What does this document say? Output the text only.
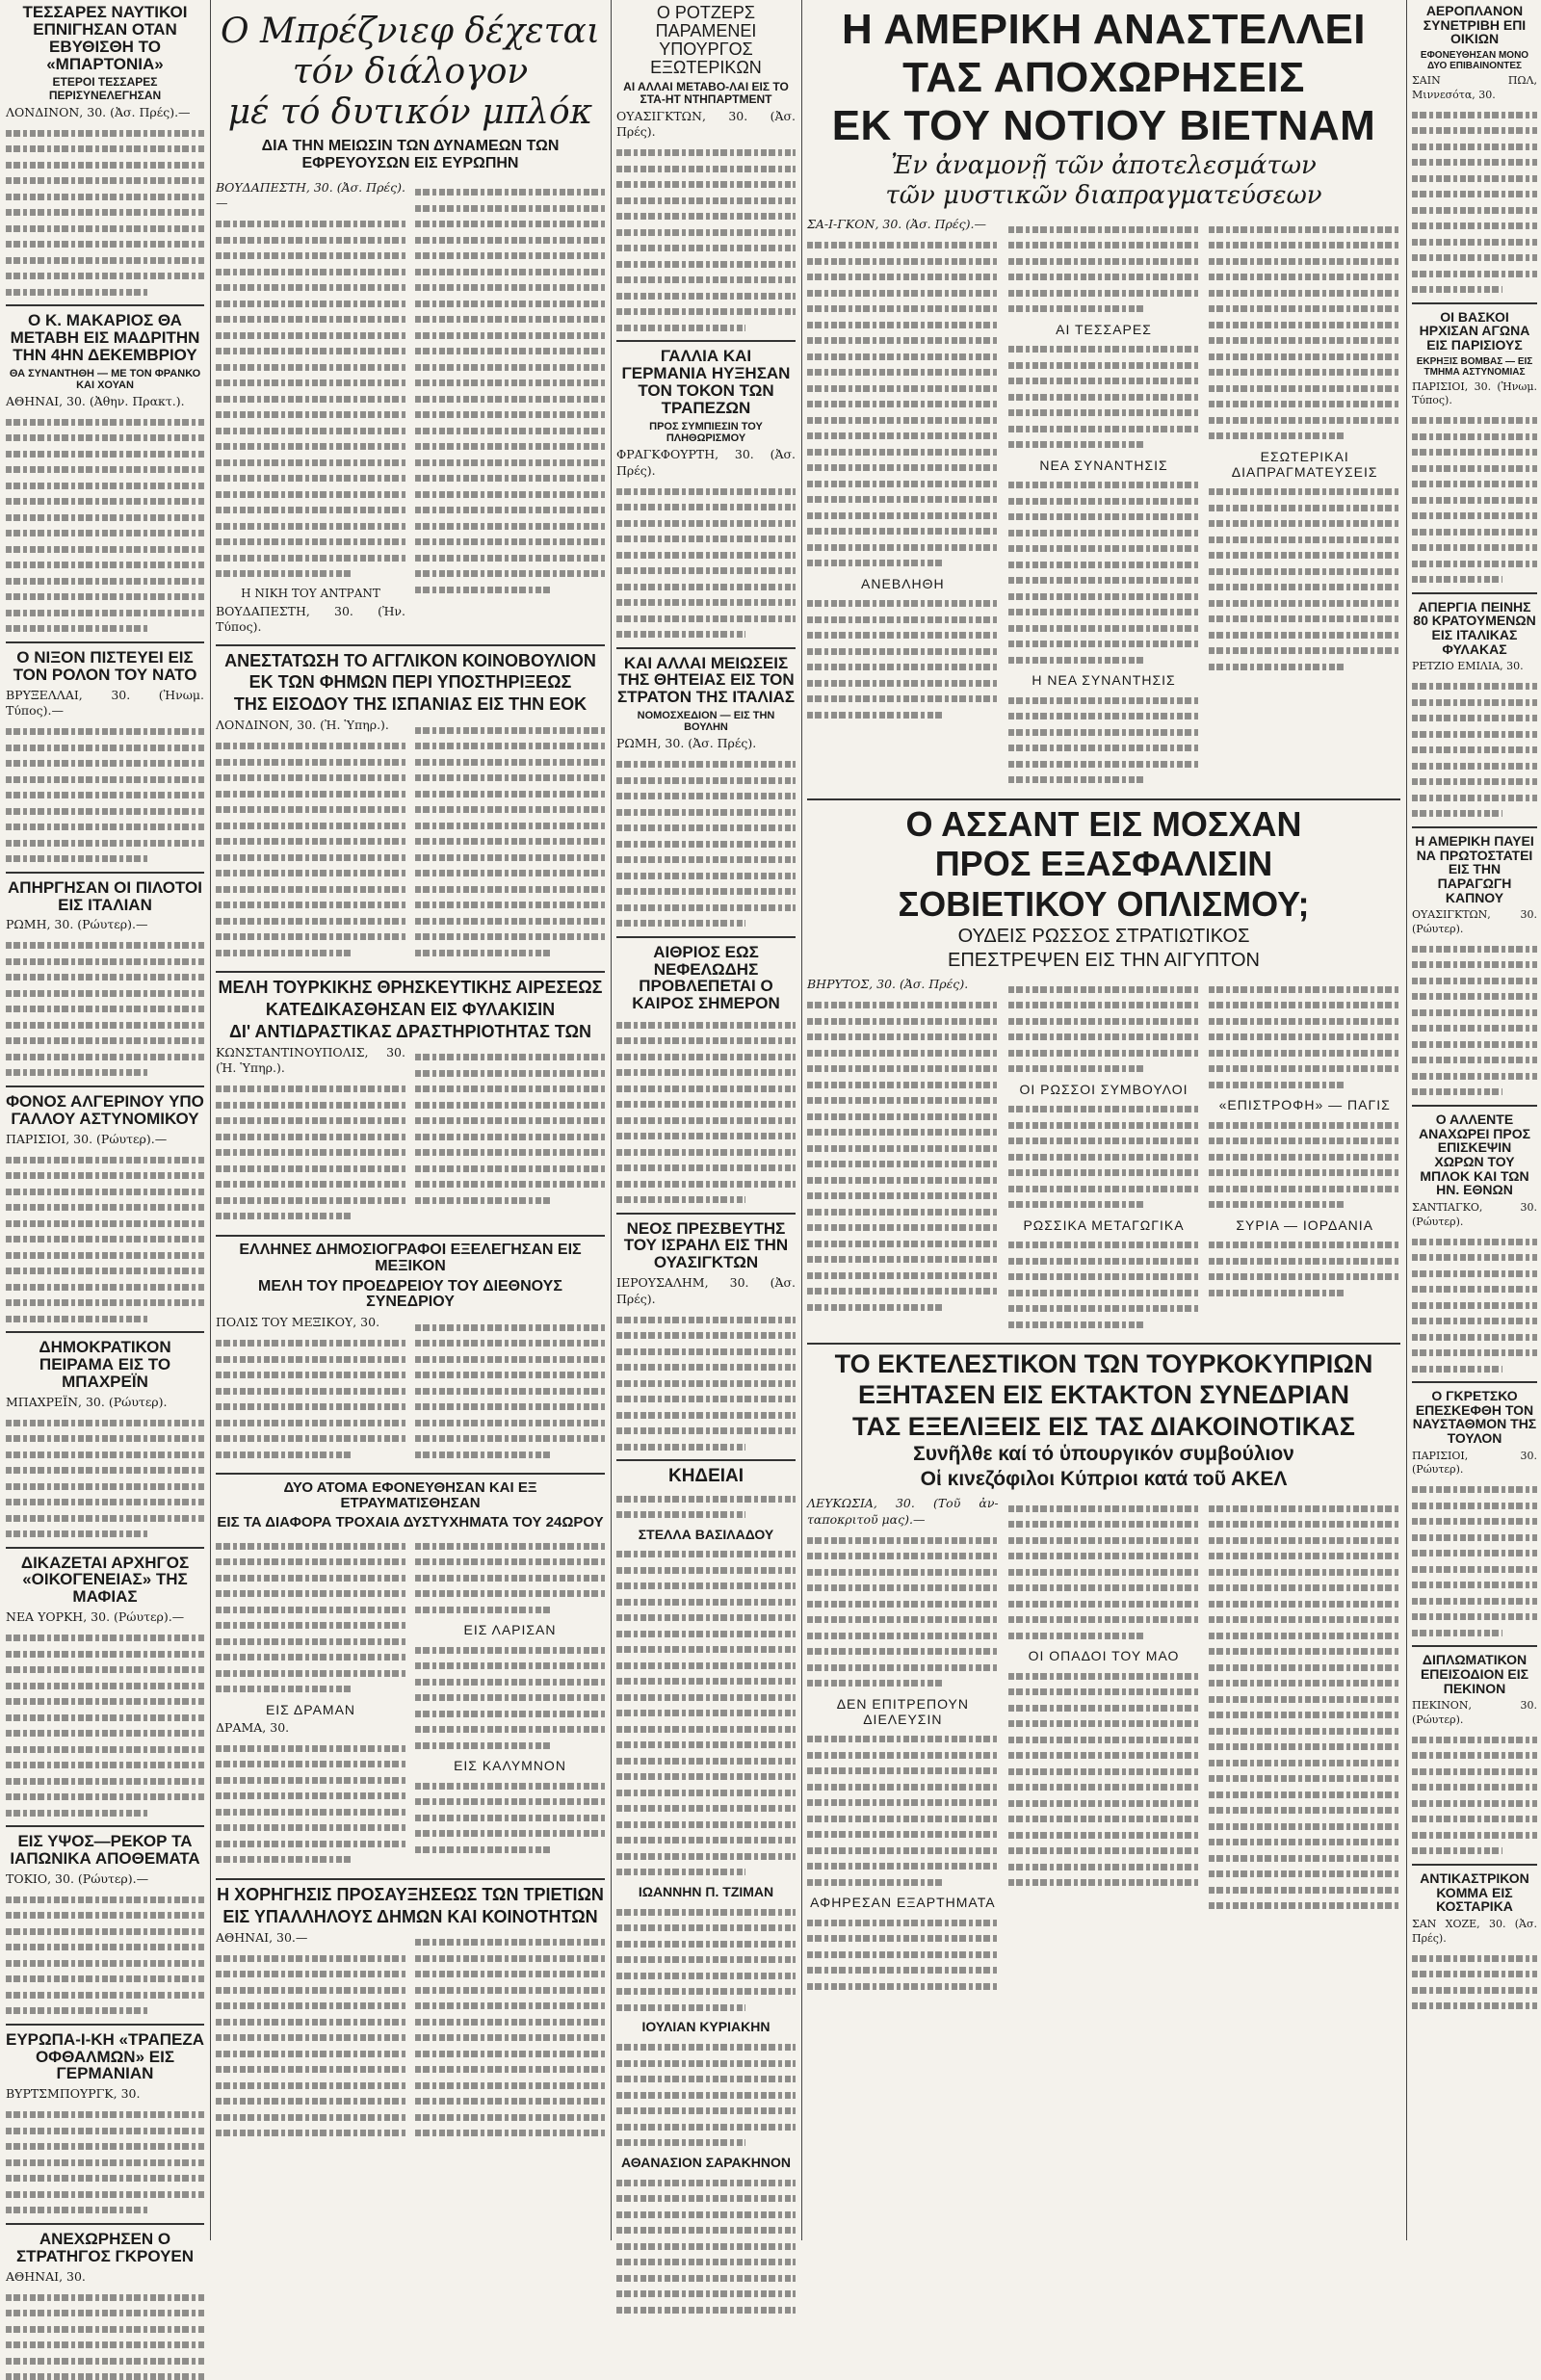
ΤΕΣΣΑΡΕΣ ΝΑΥΤΙΚΟΙ ΕΠΝΙΓΗΣΑΝ ΟΤΑΝ ΕΒΥΘΙΣΘΗ ΤΟ «ΜΠΑΡΤΟΝΙΑ»
ΕΤΕΡΟΙ ΤΕΣΣΑΡΕΣ ΠΕΡΙΣΥΝΕΛΕΓΗΣΑΝ

ΛΟΝΔΙΝΟΝ, 30. (Ἀσ. Πρές).—

Ο Κ. ΜΑΚΑΡΙΟΣ ΘΑ ΜΕΤΑΒΗ ΕΙΣ ΜΑΔΡΙΤΗΝ ΤΗΝ 4ΗΝ ΔΕΚΕΜΒΡΙΟΥ
ΘΑ ΣΥΝΑΝΤΗΘΗ — ΜΕ ΤΟΝ ΦΡΑΝΚΟ ΚΑΙ ΧΟΥΑΝ

ΑΘΗΝΑΙ, 30. (Ἀθην. Πρακτ.).

Ο ΝΙΞΟΝ ΠΙΣΤΕΥΕΙ ΕΙΣ ΤΟΝ ΡΟΛΟΝ ΤΟΥ ΝΑΤΟ

ΒΡΥΞΕΛΛΑΙ, 30. (Ἠνωμ. Τύπος).—

ΑΠΗΡΓΗΣΑΝ ΟΙ ΠΙΛΟΤΟΙ ΕΙΣ ΙΤΑΛΙΑΝ

ΡΩΜΗ, 30. (Ρώυτερ).—

ΦΟΝΟΣ ΑΛΓΕΡΙΝΟΥ ΥΠΟ ΓΑΛΛΟΥ ΑΣΤΥΝΟΜΙΚΟΥ

ΠΑΡΙΣΙΟΙ, 30. (Ρώυτερ).—

ΔΗΜΟΚΡΑΤΙΚΟΝ ΠΕΙΡΑΜΑ ΕΙΣ ΤΟ ΜΠΑΧΡΕΪΝ

ΜΠΑΧΡΕΪΝ, 30. (Ρώυτερ).

ΔΙΚΑΖΕΤΑΙ ΑΡΧΗΓΟΣ «ΟΙΚΟΓΕΝΕΙΑΣ» ΤΗΣ ΜΑΦΙΑΣ

ΝΕΑ ΥΟΡΚΗ, 30. (Ρώυτερ).—

ΕΙΣ ΥΨΟΣ—ΡΕΚΟΡ ΤΑ ΙΑΠΩΝΙΚΑ ΑΠΟΘΕΜΑΤΑ

ΤΟΚΙΟ, 30. (Ρώυτερ).—

ΕΥΡΩΠΑ-Ι-ΚΗ «ΤΡΑΠΕΖΑ ΟΦΘΑΛΜΩΝ» ΕΙΣ ΓΕΡΜΑΝΙΑΝ

ΒΥΡΤΣΜΠΟΥΡΓΚ, 30.

ΑΝΕΧΩΡΗΣΕΝ Ο ΣΤΡΑΤΗΓΟΣ ΓΚΡΟΥΕΝ

ΑΘΗΝΑΙ, 30.

Ο Μπρέζνιεφ δέχεται
τόν διάλογον
μέ τό δυτικόν μπλόκ
ΔΙΑ ΤΗΝ ΜΕΙΩΣΙΝ ΤΩΝ ΔΥΝΑΜΕΩΝ ΤΩΝ ΕΦΡΕΥΟΥΣΩΝ ΕΙΣ ΕΥΡΩΠΗΝ

ΒΟΥΔΑΠΕΣΤΗ, 30. (Ἀσ. Πρές).—

Η ΝΙΚΗ ΤΟΥ ΑΝΤΡΑΝΤ

ΒΟΥΔΑΠΕΣΤΗ, 30. (Ἠν. Τύπος).

ΑΝΕΣΤΑΤΩΣΗ ΤΟ ΑΓΓΛΙΚΟΝ ΚΟΙΝΟΒΟΥΛΙΟΝ
ΕΚ ΤΩΝ ΦΗΜΩΝ ΠΕΡΙ ΥΠΟΣΤΗΡΙΞΕΩΣ
ΤΗΣ ΕΙΣΟΔΟΥ ΤΗΣ ΙΣΠΑΝΙΑΣ ΕΙΣ ΤΗΝ ΕΟΚ

ΛΟΝΔΙΝΟΝ, 30. (Ἠ. Ὑπηρ.).

ΜΕΛΗ ΤΟΥΡΚΙΚΗΣ ΘΡΗΣΚΕΥΤΙΚΗΣ ΑΙΡΕΣΕΩΣ
ΚΑΤΕΔΙΚΑΣΘΗΣΑΝ ΕΙΣ ΦΥΛΑΚΙΣΙΝ
ΔΙ' ΑΝΤΙΔΡΑΣΤΙΚΑΣ ΔΡΑΣΤΗΡΙΟΤΗΤΑΣ ΤΩΝ

ΚΩΝΣΤΑΝΤΙΝΟΥΠΟΛΙΣ, 30. (Ἠ. Ὑπηρ.).

ΕΛΛΗΝΕΣ ΔΗΜΟΣΙΟΓΡΑΦΟΙ ΕΞΕΛΕΓΗΣΑΝ ΕΙΣ ΜΕΞΙΚΟΝ
ΜΕΛΗ ΤΟΥ ΠΡΟΕΔΡΕΙΟΥ ΤΟΥ ΔΙΕΘΝΟΥΣ ΣΥΝΕΔΡΙΟΥ

ΠΟΛΙΣ ΤΟΥ ΜΕΞΙΚΟΥ, 30.

ΔΥΟ ΑΤΟΜΑ ΕΦΟΝΕΥΘΗΣΑΝ ΚΑΙ ΕΞ ΕΤΡΑΥΜΑΤΙΣΘΗΣΑΝ
ΕΙΣ ΤΑ ΔΙΑΦΟΡΑ ΤΡΟΧΑΙΑ ΔΥΣΤΥΧΗΜΑΤΑ ΤΟΥ 24ΩΡΟΥ
ΕΙΣ ΔΡΑΜΑΝ

ΔΡΑΜΑ, 30.

ΕΙΣ ΛΑΡΙΣΑΝ
ΕΙΣ ΚΑΛΥΜΝΟΝ
Η ΧΟΡΗΓΗΣΙΣ ΠΡΟΣΑΥΞΗΣΕΩΣ ΤΩΝ ΤΡΙΕΤΙΩΝ
ΕΙΣ ΥΠΑΛΛΗΛΟΥΣ ΔΗΜΩΝ ΚΑΙ ΚΟΙΝΟΤΗΤΩΝ

ΑΘΗΝΑΙ, 30.—

Ο ΡΟΤΖΕΡΣ ΠΑΡΑΜΕΝΕΙ ΥΠΟΥΡΓΟΣ ΕΞΩΤΕΡΙΚΩΝ
ΑΙ ΑΛΛΑΙ ΜΕΤΑΒΟ-ΛΑΙ ΕΙΣ ΤΟ ΣΤΑ-ΗΤ ΝΤΗΠΑΡΤΜΕΝΤ

ΟΥΑΣΙΓΚΤΩΝ, 30. (Ἀσ. Πρές).

ΓΑΛΛΙΑ ΚΑΙ ΓΕΡΜΑΝΙΑ ΗΥΞΗΣΑΝ ΤΟΝ ΤΟΚΟΝ ΤΩΝ ΤΡΑΠΕΖΩΝ
ΠΡΟΣ ΣΥΜΠΙΕΣΙΝ ΤΟΥ ΠΛΗΘΩΡΙΣΜΟΥ

ΦΡΑΓΚΦΟΥΡΤΗ, 30. (Ἀσ. Πρές).

ΚΑΙ ΑΛΛΑΙ ΜΕΙΩΣΕΙΣ ΤΗΣ ΘΗΤΕΙΑΣ ΕΙΣ ΤΟΝ ΣΤΡΑΤΟΝ ΤΗΣ ΙΤΑΛΙΑΣ
ΝΟΜΟΣΧΕΔΙΟΝ — ΕΙΣ ΤΗΝ ΒΟΥΛΗΝ

ΡΩΜΗ, 30. (Ἀσ. Πρές).

ΑΙΘΡΙΟΣ ΕΩΣ ΝΕΦΕΛΩΔΗΣ ΠΡΟΒΛΕΠΕΤΑΙ Ο ΚΑΙΡΟΣ ΣΗΜΕΡΟΝ
ΝΕΟΣ ΠΡΕΣΒΕΥΤΗΣ ΤΟΥ ΙΣΡΑΗΛ ΕΙΣ ΤΗΝ ΟΥΑΣΙΓΚΤΩΝ

ΙΕΡΟΥΣΑΛΗΜ, 30. (Ἀσ. Πρές).

ΚΗΔΕΙΑΙ
ΣΤΕΛΛΑ ΒΑΣΙΛΑΔΟΥ
ΙΩΑΝΝΗΝ Π. ΤΖΙΜΑΝ
ΙΟΥΛΙΑΝ ΚΥΡΙΑΚΗΝ
ΑΘΑΝΑΣΙΟΝ ΣΑΡΑΚΗΝΟΝ
Η ΑΜΕΡΙΚΗ ΑΝΑΣΤΕΛΛΕΙ
ΤΑΣ ΑΠΟΧΩΡΗΣΕΙΣ
ΕΚ ΤΟΥ ΝΟΤΙΟΥ ΒΙΕΤΝΑΜ
Ἐν ἀναμονῇ τῶν ἀποτελεσμάτων
τῶν μυστικῶν διαπραγματεύσεων

ΣΑ-Ι-ΓΚΟΝ, 30. (Ἀσ. Πρές).—

ΑΝΕΒΛΗΘΗ
ΑΙ ΤΕΣΣΑΡΕΣ
ΝΕΑ ΣΥΝΑΝΤΗΣΙΣ
Η ΝΕΑ ΣΥΝΑΝΤΗΣΙΣ
ΕΣΩΤΕΡΙΚΑΙ ΔΙΑΠΡΑΓΜΑΤΕΥΣΕΙΣ
Ο ΑΣΣΑΝΤ ΕΙΣ ΜΟΣΧΑΝ
ΠΡΟΣ ΕΞΑΣΦΑΛΙΣΙΝ
ΣΟΒΙΕΤΙΚΟΥ ΟΠΛΙΣΜΟΥ;
ΟΥΔΕΙΣ ΡΩΣΣΟΣ ΣΤΡΑΤΙΩΤΙΚΟΣ
ΕΠΕΣΤΡΕΨΕΝ ΕΙΣ ΤΗΝ ΑΙΓΥΠΤΟΝ

ΒΗΡΥΤΟΣ, 30. (Ἀσ. Πρές).

ΟΙ ΡΩΣΣΟΙ ΣΥΜΒΟΥΛΟΙ
ΡΩΣΣΙΚΑ ΜΕΤΑΓΩΓΙΚΑ
«ΕΠΙΣΤΡΟΦΗ» — ΠΑΓΙΣ
ΣΥΡΙΑ — ΙΟΡΔΑΝΙΑ
ΤΟ ΕΚΤΕΛΕΣΤΙΚΟΝ ΤΩΝ ΤΟΥΡΚΟΚΥΠΡΙΩΝ
ΕΞΗΤΑΣΕΝ ΕΙΣ ΕΚΤΑΚΤΟΝ ΣΥΝΕΔΡΙΑΝ
ΤΑΣ ΕΞΕΛΙΞΕΙΣ ΕΙΣ ΤΑΣ ΔΙΑΚΟΙΝΟΤΙΚΑΣ
Συνῆλθε καί τό ὑπουργικόν συμβούλιον
Οἱ κινεζόφιλοι Κύπριοι κατά τοῦ ΑΚΕΛ

ΛΕΥΚΩΣΙΑ, 30. (Τοῦ ἀν-ταποκριτοῦ μας).—

ΔΕΝ ΕΠΙΤΡΕΠΟΥΝ ΔΙΕΛΕΥΣΙΝ
ΑΦΗΡΕΣΑΝ ΕΞΑΡΤΗΜΑΤΑ
ΟΙ ΟΠΑΔΟΙ ΤΟΥ ΜΑΟ
ΑΕΡΟΠΛΑΝΟΝ ΣΥΝΕΤΡΙΒΗ ΕΠΙ ΟΙΚΙΩΝ
ΕΦΟΝΕΥΘΗΣΑΝ ΜΟΝΟ ΔΥΟ ΕΠΙΒΑΙΝΟΝΤΕΣ

ΣΑΙΝ ΠΩΛ, Μιννεσότα, 30.

ΟΙ ΒΑΣΚΟΙ ΗΡΧΙΣΑΝ ΑΓΩΝΑ ΕΙΣ ΠΑΡΙΣΙΟΥΣ
ΕΚΡΗΞΙΣ ΒΟΜΒΑΣ — ΕΙΣ ΤΜΗΜΑ ΑΣΤΥΝΟΜΙΑΣ

ΠΑΡΙΣΙΟΙ, 30. (Ἠνωμ. Τύπος).

ΑΠΕΡΓΙΑ ΠΕΙΝΗΣ 80 ΚΡΑΤΟΥΜΕΝΩΝ ΕΙΣ ΙΤΑΛΙΚΑΣ ΦΥΛΑΚΑΣ

ΡΕΤΖΙΟ ΕΜΙΛΙΑ, 30.

Η ΑΜΕΡΙΚΗ ΠΑΥΕΙ ΝΑ ΠΡΩΤΟΣΤΑΤΕΙ ΕΙΣ ΤΗΝ ΠΑΡΑΓΩΓΗ ΚΑΠΝΟΥ

ΟΥΑΣΙΓΚΤΩΝ, 30. (Ρώυτερ).

Ο ΑΛΛΕΝΤΕ ΑΝΑΧΩΡΕΙ ΠΡΟΣ ΕΠΙΣΚΕΨΙΝ ΧΩΡΩΝ ΤΟΥ ΜΠΛΟΚ ΚΑΙ ΤΩΝ ΗΝ. ΕΘΝΩΝ

ΣΑΝΤΙΑΓΚΟ, 30. (Ρώυτερ).

Ο ΓΚΡΕΤΣΚΟ ΕΠΕΣΚΕΦΘΗ ΤΟΝ ΝΑΥΣΤΑΘΜΟΝ ΤΗΣ ΤΟΥΛΟΝ

ΠΑΡΙΣΙΟΙ, 30. (Ρώυτερ).

ΔΙΠΛΩΜΑΤΙΚΟΝ ΕΠΕΙΣΟΔΙΟΝ ΕΙΣ ΠΕΚΙΝΟΝ

ΠΕΚΙΝΟΝ, 30. (Ρώυτερ).

ΑΝΤΙΚΑΣΤΡΙΚΟΝ ΚΟΜΜΑ ΕΙΣ ΚΟΣΤΑΡΙΚΑ

ΣΑΝ ΧΟΖΕ, 30. (Ἀσ. Πρές).
